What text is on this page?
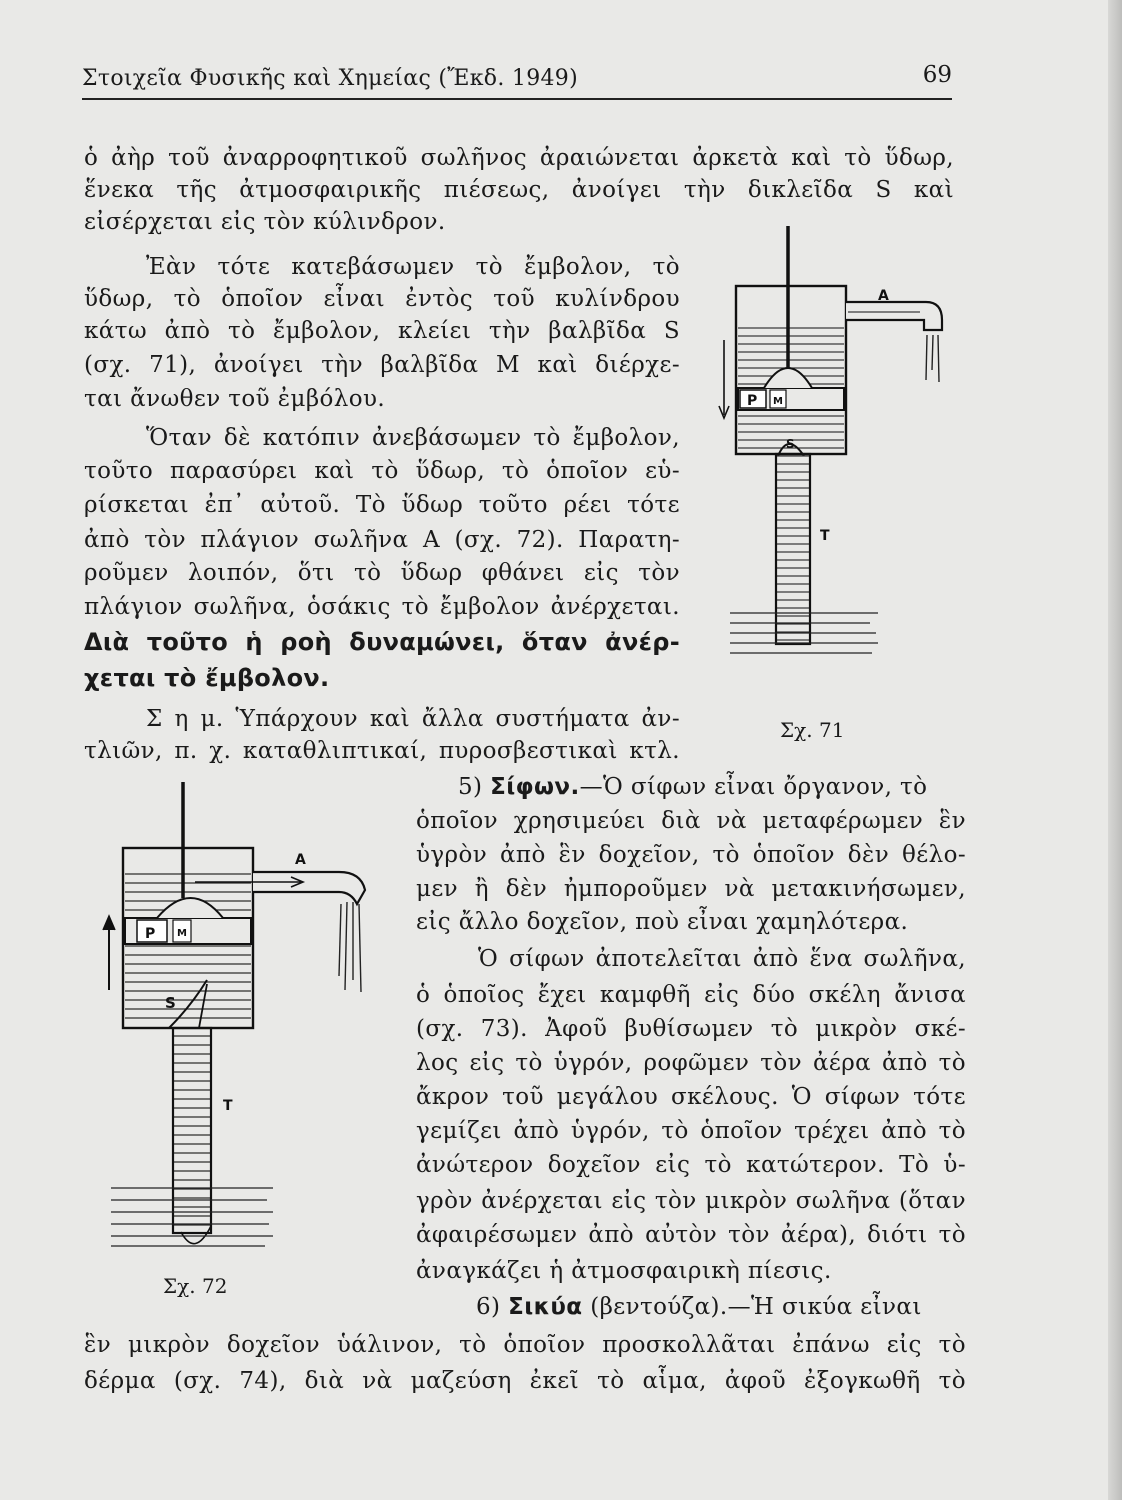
Στοιχεῖα Φυσικῆς καὶ Χημείας (Ἔκδ. 1949)	69
ὁ ἀὴρ τοῦ ἀναρροφητικοῦ σωλῆνος ἀραιώνεται ἀρκετὰ καὶ τὸ ὕδωρ,
ἕνεκα τῆς ἀτμοσφαιρικῆς πιέσεως, ἀνοίγει τὴν δικλεῖδα S καὶ
εἰσέρχεται εἰς τὸν κύλινδρον.
Ἐὰν τότε κατεβάσωμεν τὸ ἔμβολον, τὸ
ὕδωρ, τὸ ὁποῖον εἶναι ἐντὸς τοῦ κυλίνδρου
κάτω ἀπὸ τὸ ἔμβολον, κλείει τὴν βαλβῖδα S
(σχ. 71), ἀνοίγει τὴν βαλβῖδα Μ καὶ διέρχε-
ται ἄνωθεν τοῦ ἐμβόλου.
Ὅταν δὲ κατόπιν ἀνεβάσωμεν τὸ ἔμβολον,
τοῦτο παρασύρει καὶ τὸ ὕδωρ, τὸ ὁποῖον εὑ-
ρίσκεται ἐπ᾿ αὐτοῦ. Τὸ ὕδωρ τοῦτο ρέει τότε
ἀπὸ τὸν πλάγιον σωλῆνα Α (σχ. 72). Παρατη-
ροῦμεν λοιπόν, ὅτι τὸ ὕδωρ φθάνει εἰς τὸν
πλάγιον σωλῆνα, ὁσάκις τὸ ἔμβολον ἀνέρχεται.
Διὰ τοῦτο ἡ ροὴ δυναμώνει, ὅταν ἀνέρ-
χεται τὸ ἔμβολον.
Σ η μ. Ὑπάρχουν καὶ ἄλλα συστήματα ἀν-
τλιῶν, π. χ. καταθλιπτικαί, πυροσβεστικαὶ κτλ.
Ρ Μ
S
Τ
Α
Σχ. 71
Α
Ρ Μ
S
Τ
Σχ. 72
5) Σίφων.—Ὁ σίφων εἶναι ὄργανον, τὸ
ὁποῖον χρησιμεύει διὰ νὰ μεταφέρωμεν ἓν
ὑγρὸν ἀπὸ ἓν δοχεῖον, τὸ ὁποῖον δὲν θέλο-
μεν ἢ δὲν ἠμποροῦμεν νὰ μετακινήσωμεν,
εἰς ἄλλο δοχεῖον, ποὺ εἶναι χαμηλότερα.
Ὁ σίφων ἀποτελεῖται ἀπὸ ἕνα σωλῆνα,
ὁ ὁποῖος ἔχει καμφθῆ εἰς δύο σκέλη ἄνισα
(σχ. 73). Ἀφοῦ βυθίσωμεν τὸ μικρὸν σκέ-
λος εἰς τὸ ὑγρόν, ροφῶμεν τὸν ἀέρα ἀπὸ τὸ
ἄκρον τοῦ μεγάλου σκέλους. Ὁ σίφων τότε
γεμίζει ἀπὸ ὑγρόν, τὸ ὁποῖον τρέχει ἀπὸ τὸ
ἀνώτερον δοχεῖον εἰς τὸ κατώτερον. Τὸ ὑ-
γρὸν ἀνέρχεται εἰς τὸν μικρὸν σωλῆνα (ὅταν
ἀφαιρέσωμεν ἀπὸ αὐτὸν τὸν ἀέρα), διότι τὸ
ἀναγκάζει ἡ ἀτμοσφαιρικὴ πίεσις.
6) Σικύα (βεντούζα).—Ἡ σικύα εἶναι
ἓν μικρὸν δοχεῖον ὑάλινον, τὸ ὁποῖον προσκολλᾶται ἐπάνω εἰς τὸ
δέρμα (σχ. 74), διὰ νὰ μαζεύση ἐκεῖ τὸ αἷμα, ἀφοῦ ἐξογκωθῆ τὸ
